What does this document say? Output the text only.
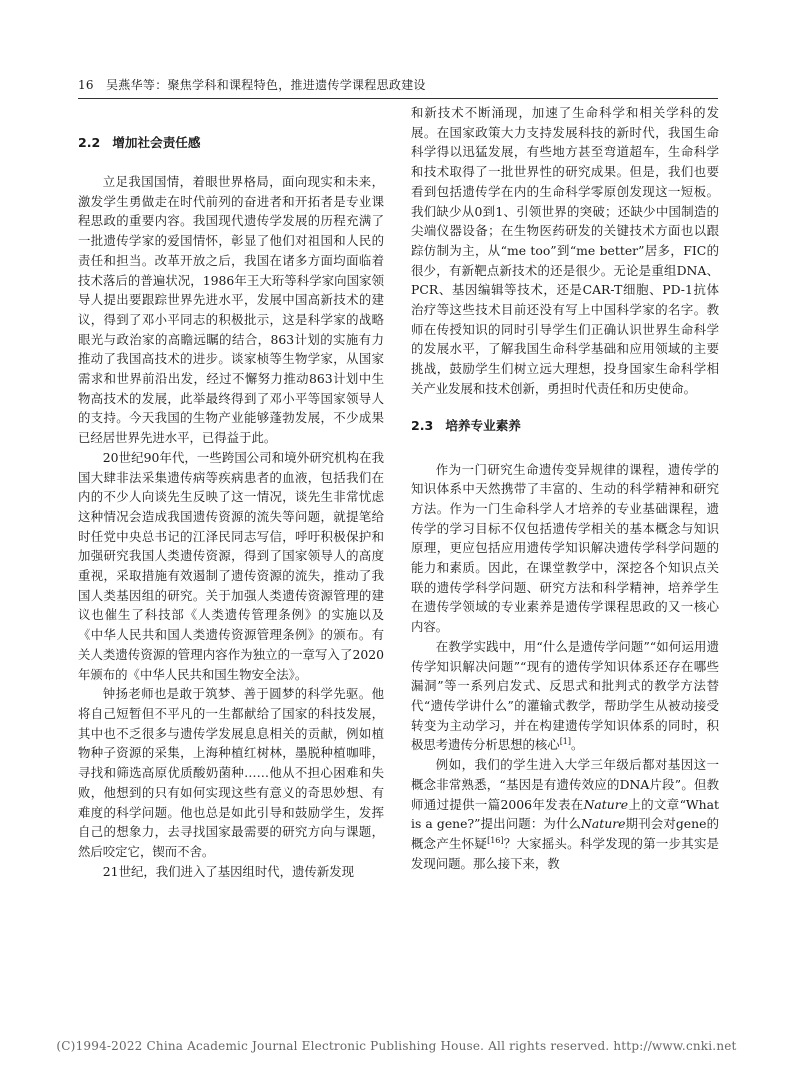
16 吴燕华等：聚焦学科和课程特色，推进遗传学课程思政建设
2.2 增加社会责任感

立足我国国情，着眼世界格局，面向现实和未来，激发学生勇做走在时代前列的奋进者和开拓者是专业课程思政的重要内容。我国现代遗传学发展的历程充满了一批遗传学家的爱国情怀，彰显了他们对祖国和人民的责任和担当。改革开放之后，我国在诸多方面均面临着技术落后的普遍状况，1986年王大珩等科学家向国家领导人提出要跟踪世界先进水平，发展中国高新技术的建议，得到了邓小平同志的积极批示，这是科学家的战略眼光与政治家的高瞻远瞩的结合，863计划的实施有力推动了我国高技术的进步。谈家桢等生物学家，从国家需求和世界前沿出发，经过不懈努力推动863计划中生物高技术的发展，此举最终得到了邓小平等国家领导人的支持。今天我国的生物产业能够蓬勃发展，不少成果已经居世界先进水平，已得益于此。

20世纪90年代，一些跨国公司和境外研究机构在我国大肆非法采集遗传病等疾病患者的血液，包括我们在内的不少人向谈先生反映了这一情况，谈先生非常忧虑这种情况会造成我国遗传资源的流失等问题，就提笔给时任党中央总书记的江泽民同志写信，呼吁积极保护和加强研究我国人类遗传资源，得到了国家领导人的高度重视，采取措施有效遏制了遗传资源的流失，推动了我国人类基因组的研究。关于加强人类遗传资源管理的建议也催生了科技部《人类遗传管理条例》的实施以及《中华人民共和国人类遗传资源管理条例》的颁布。有关人类遗传资源的管理内容作为独立的一章写入了2020年颁布的《中华人民共和国生物安全法》。

钟扬老师也是敢于筑梦、善于圆梦的科学先驱。他将自己短暂但不平凡的一生都献给了国家的科技发展，其中也不乏很多与遗传学发展息息相关的贡献，例如植物种子资源的采集，上海种植红树林，墨脱种植咖啡，寻找和筛选高原优质酸奶菌种……他从不担心困难和失败，他想到的只有如何实现这些有意义的奇思妙想、有难度的科学问题。他也总是如此引导和鼓励学生，发挥自己的想象力，去寻找国家最需要的研究方向与课题，然后咬定它，锲而不舍。

21世纪，我们进入了基因组时代，遗传新发现

和新技术不断涌现，加速了生命科学和相关学科的发展。在国家政策大力支持发展科技的新时代，我国生命科学得以迅猛发展，有些地方甚至弯道超车，生命科学和技术取得了一批世界性的研究成果。但是，我们也要看到包括遗传学在内的生命科学零原创发现这一短板。我们缺少从0到1、引领世界的突破；还缺少中国制造的尖端仪器设备；在生物医药研发的关键技术方面也以跟踪仿制为主，从“me too”到“me better”居多，FIC的很少，有新靶点新技术的还是很少。无论是重组DNA、PCR、基因编辑等技术，还是CAR-T细胞、PD-1抗体治疗等这些技术目前还没有写上中国科学家的名字。教师在传授知识的同时引导学生们正确认识世界生命科学的发展水平，了解我国生命科学基础和应用领域的主要挑战，鼓励学生们树立远大理想，投身国家生命科学相关产业发展和技术创新，勇担时代责任和历史使命。

2.3 培养专业素养

作为一门研究生命遗传变异规律的课程，遗传学的知识体系中天然携带了丰富的、生动的科学精神和研究方法。作为一门生命科学人才培养的专业基础课程，遗传学的学习目标不仅包括遗传学相关的基本概念与知识原理，更应包括应用遗传学知识解决遗传学科学问题的能力和素质。因此，在课堂教学中，深挖各个知识点关联的遗传学科学问题、研究方法和科学精神，培养学生在遗传学领域的专业素养是遗传学课程思政的又一核心内容。

在教学实践中，用“什么是遗传学问题”“如何运用遗传学知识解决问题”“现有的遗传学知识体系还存在哪些漏洞”等一系列启发式、反思式和批判式的教学方法替代“遗传学讲什么”的灌输式教学，帮助学生从被动接受转变为主动学习，并在构建遗传学知识体系的同时，积极思考遗传分析思想的核心[1]。

例如，我们的学生进入大学三年级后都对基因这一概念非常熟悉，“基因是有遗传效应的DNA片段”。但教师通过提供一篇2006年发表在Nature上的文章“What is a gene?”提出问题：为什么Nature期刊会对gene的概念产生怀疑[16]？大家摇头。科学发现的第一步其实是发现问题。那么接下来，教

(C)1994-2022 China Academic Journal Electronic Publishing House. All rights reserved. http://www.cnki.net
